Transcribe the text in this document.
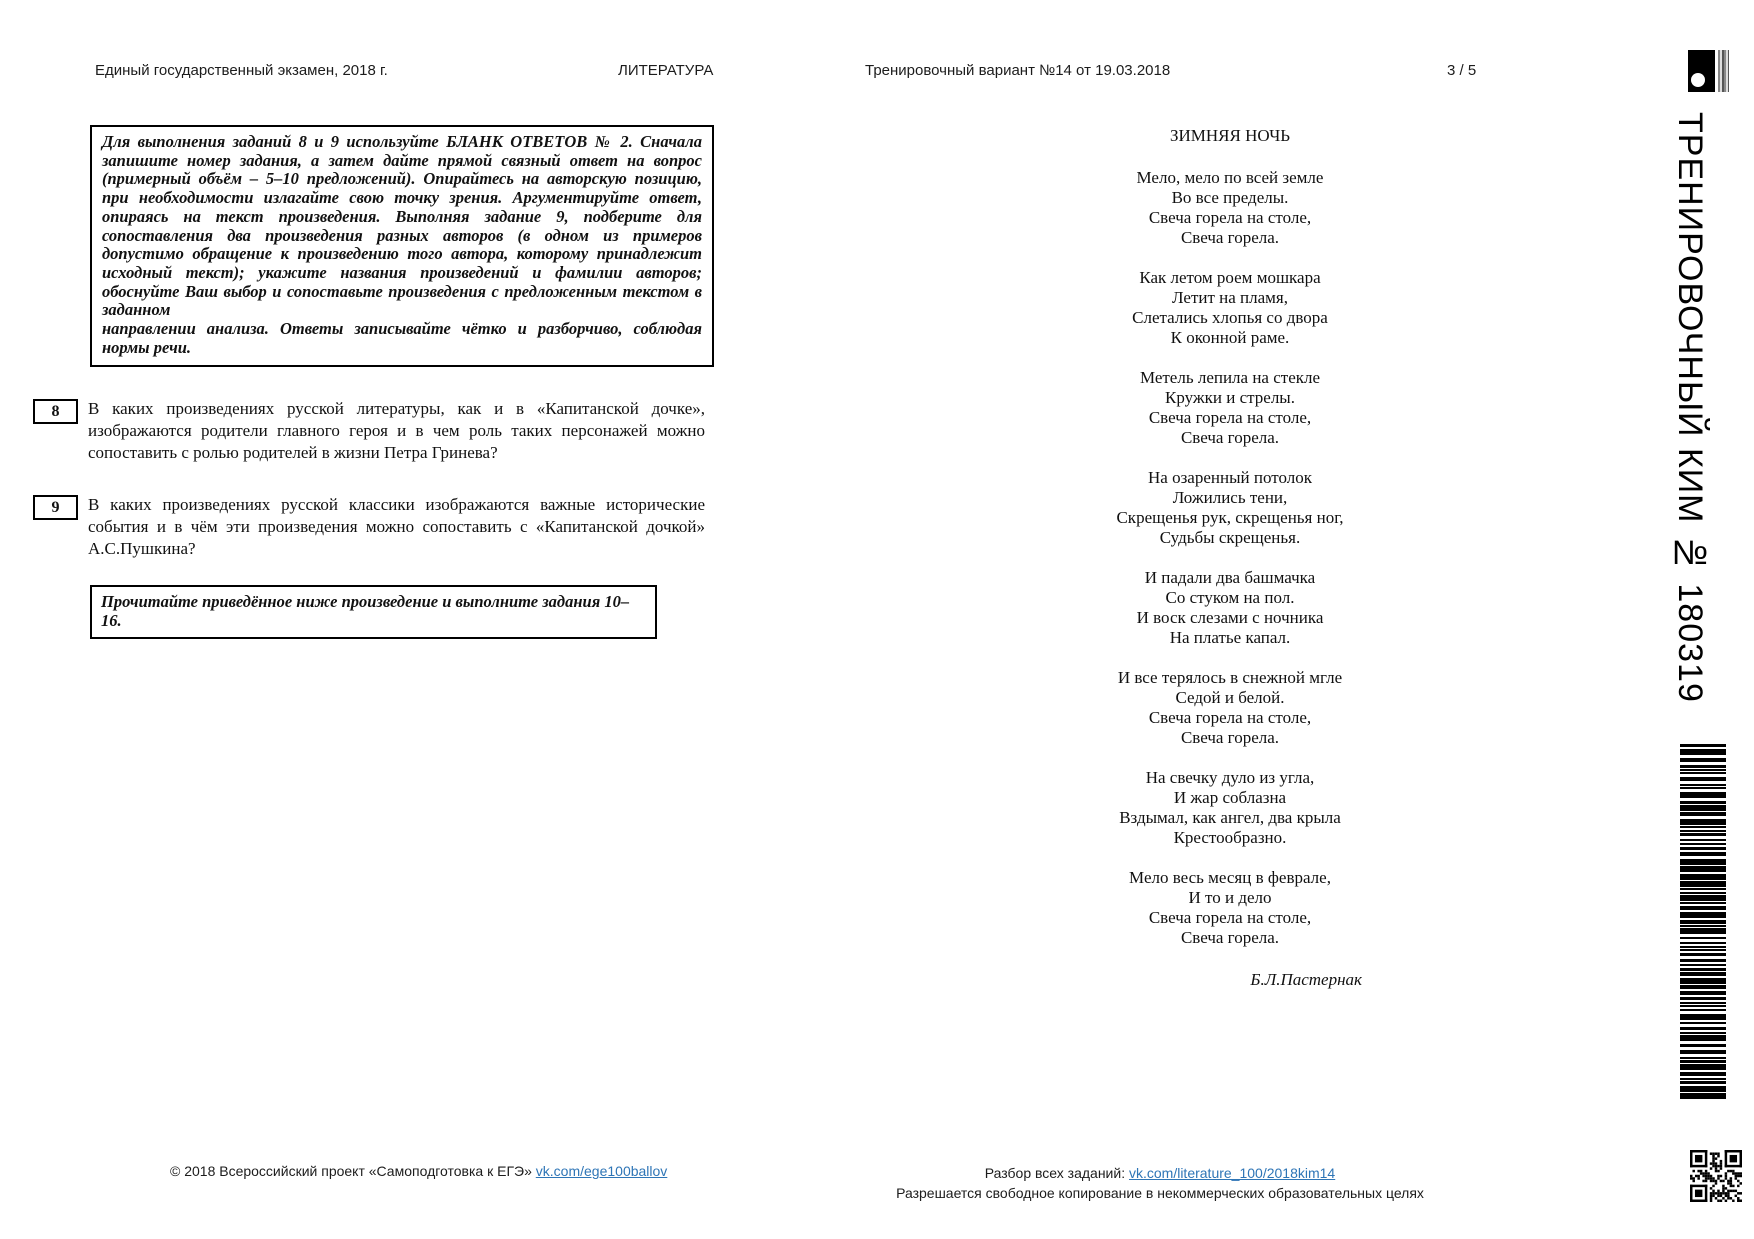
Единый государственный экзамен, 2018 г.	ЛИТЕРАТУРА	Тренировочный вариант №14 от 19.03.2018	3 / 5
ТРЕНИРОВОЧНЫЙ КИМ № 180319

Для выполнения заданий 8 и 9 используйте БЛАНК ОТВЕТОВ № 2. Сначала запишите номер задания, а затем дайте прямой связный ответ на вопрос (примерный объём – 5–10 предложений). Опирайтесь на авторскую позицию, при необходимости излагайте свою точку зрения. Аргументируйте ответ, опираясь на текст произведения. Выполняя задание 9, подберите для сопоставления два произведения разных авторов (в одном из примеров допустимо обращение к произведению того автора, которому принадлежит исходный текст); укажите названия произведений и фамилии авторов; обоснуйте Ваш выбор и сопоставьте произведения с предложенным текстом в заданном

направлении анализа. Ответы записывайте чётко и разборчиво, соблюдая нормы речи.

8	В каких произведениях русской литературы, как и в «Капитанской дочке», изображаются родители главного героя и в чем роль таких персонажей можно сопоставить с ролью родителей в жизни Петра Гринева?
9	В каких произведениях русской классики изображаются важные исторические события и в чём эти произведения можно сопоставить с «Капитанской дочкой» А.С.Пушкина?

Прочитайте приведённое ниже произведение и выполните задания 10–16.

ЗИМНЯЯ НОЧЬ
Мело, мело по всей земле
Во все пределы.
Свеча горела на столе,
Свеча горела.
Как летом роем мошкара
Летит на пламя,
Слетались хлопья со двора
К оконной раме.
Метель лепила на стекле
Кружки и стрелы.
Свеча горела на столе,
Свеча горела.
На озаренный потолок
Ложились тени,
Скрещенья рук, скрещенья ног,
Судьбы скрещенья.
И падали два башмачка
Со стуком на пол.
И воск слезами с ночника
На платье капал.
И все терялось в снежной мгле
Седой и белой.
Свеча горела на столе,
Свеча горела.
На свечку дуло из угла,
И жар соблазна
Вздымал, как ангел, два крыла
Крестообразно.
Мело весь месяц в феврале,
И то и дело
Свеча горела на столе,
Свеча горела.
Б.Л.Пастернак
© 2018 Всероссийский проект «Самоподготовка к ЕГЭ» vk.com/ege100ballov	Разбор всех заданий: vk.com/literature_100/2018kim14
Разрешается свободное копирование в некоммерческих образовательных целях
